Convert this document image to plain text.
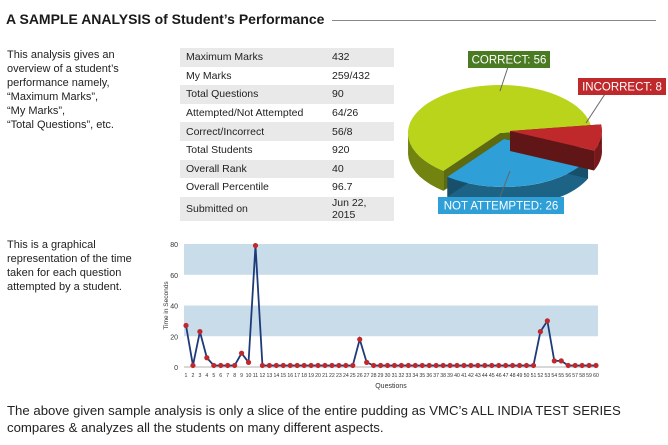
A SAMPLE ANALYSIS of Student’s Performance
This analysis gives an
overview of a student’s
performance namely,
“Maximum Marks”,
“My Marks”,
“Total Questions”, etc.
Maximum Marks	432
My Marks	259/432
Total Questions	90
Attempted/Not Attempted	64/26
Correct/Incorrect	56/8
Total Students	920
Overall Rank	40
Overall Percentile	96.7
Submitted on	Jun 22, 2015
CORRECT: 56
INCORRECT: 8
NOT ATTEMPTED: 26
This is a graphical
representation of the time
taken for each question
attempted by a student.
0
20
40
60
80
Time in Seconds
1 2 3 4 5 6 7 8 9 10 11 12 13 14 15 16 17 18 19 20 21 22 23 24 25 26 27 28 29 30 31 32 33 34 35 36 37 38 39 40 41 42 43 44 45 46 47 48 49 50 51 52 53 54 55 56 57 58 59 60
Questions
The above given sample analysis is only a slice of the entire pudding as VMC’s ALL INDIA TEST SERIES
compares & analyzes all the students on many different aspects.
